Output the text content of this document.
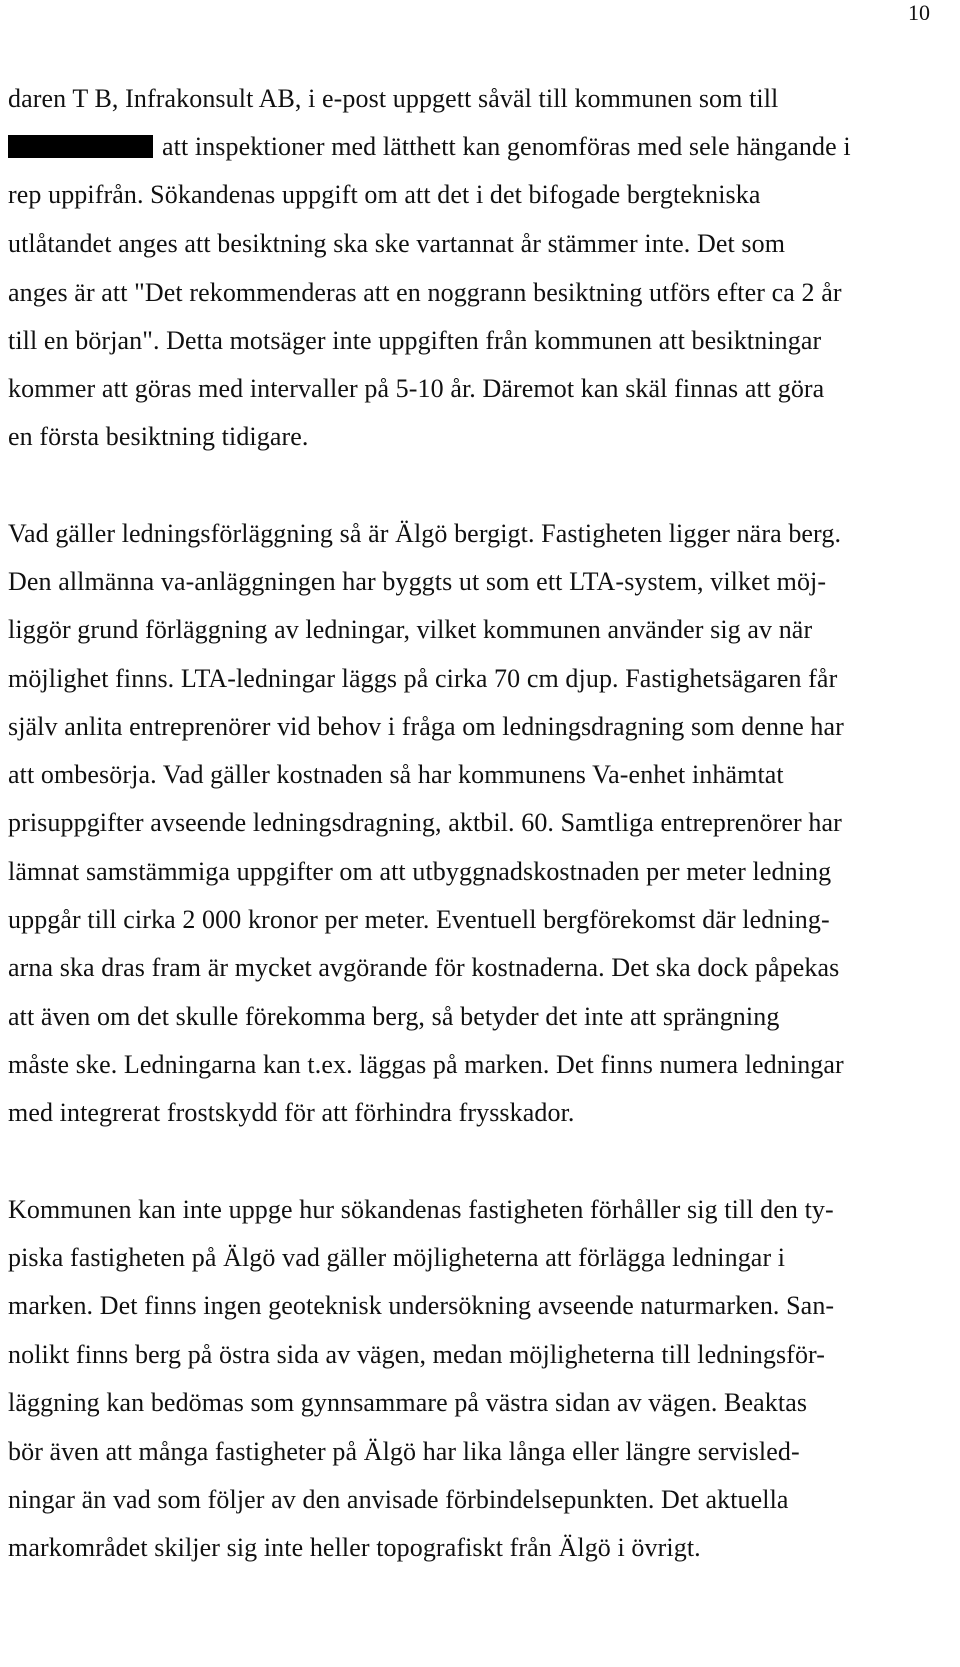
10
daren T B, Infrakonsult AB, i e-post uppgett såväl till kommunen som till
att inspektioner med lätthett kan genomföras med sele hängande i
rep uppifrån. Sökandenas uppgift om att det i det bifogade bergtekniska
utlåtandet anges att besiktning ska ske vartannat år stämmer inte. Det som
anges är att "Det rekommenderas att en noggrann besiktning utförs efter ca 2 år
till en början". Detta motsäger inte uppgiften från kommunen att besiktningar
kommer att göras med intervaller på 5-10 år. Däremot kan skäl finnas att göra
en första besiktning tidigare.
Vad gäller ledningsförläggning så är Älgö bergigt. Fastigheten ligger nära berg.
Den allmänna va-anläggningen har byggts ut som ett LTA-system, vilket möj-
liggör grund förläggning av ledningar, vilket kommunen använder sig av när
möjlighet finns. LTA-ledningar läggs på cirka 70 cm djup. Fastighetsägaren får
själv anlita entreprenörer vid behov i fråga om ledningsdragning som denne har
att ombesörja. Vad gäller kostnaden så har kommunens Va-enhet inhämtat
prisuppgifter avseende ledningsdragning, aktbil. 60. Samtliga entreprenörer har
lämnat samstämmiga uppgifter om att utbyggnadskostnaden per meter ledning
uppgår till cirka 2 000 kronor per meter. Eventuell bergförekomst där ledning-
arna ska dras fram är mycket avgörande för kostnaderna. Det ska dock påpekas
att även om det skulle förekomma berg, så betyder det inte att sprängning
måste ske. Ledningarna kan t.ex. läggas på marken. Det finns numera ledningar
med integrerat frostskydd för att förhindra frysskador.
Kommunen kan inte uppge hur sökandenas fastigheten förhåller sig till den ty-
piska fastigheten på Älgö vad gäller möjligheterna att förlägga ledningar i
marken. Det finns ingen geoteknisk undersökning avseende naturmarken. San-
nolikt finns berg på östra sida av vägen, medan möjligheterna till ledningsför-
läggning kan bedömas som gynnsammare på västra sidan av vägen. Beaktas
bör även att många fastigheter på Älgö har lika långa eller längre servisled-
ningar än vad som följer av den anvisade förbindelsepunkten. Det aktuella
markområdet skiljer sig inte heller topografiskt från Älgö i övrigt.
